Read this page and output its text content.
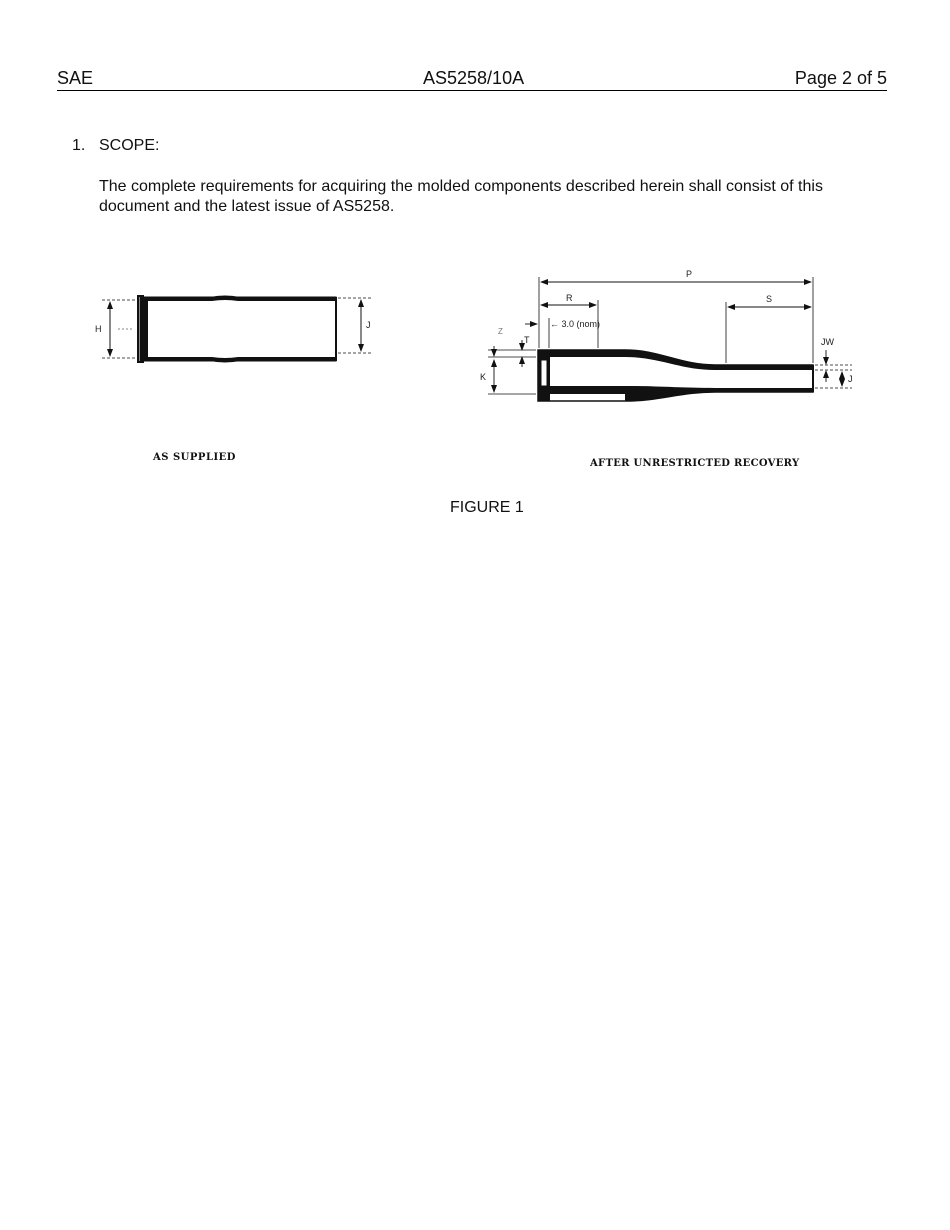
SAE	AS5258/10A	Page 2 of 5
1. SCOPE:
The complete requirements for acquiring the molded components described herein shall consist of this document and the latest issue of AS5258.
H	J
P
R	S
← 3.0 (nom)
T
Z
K
JW
J
AS SUPPLIED
AFTER UNRESTRICTED RECOVERY
FIGURE 1
